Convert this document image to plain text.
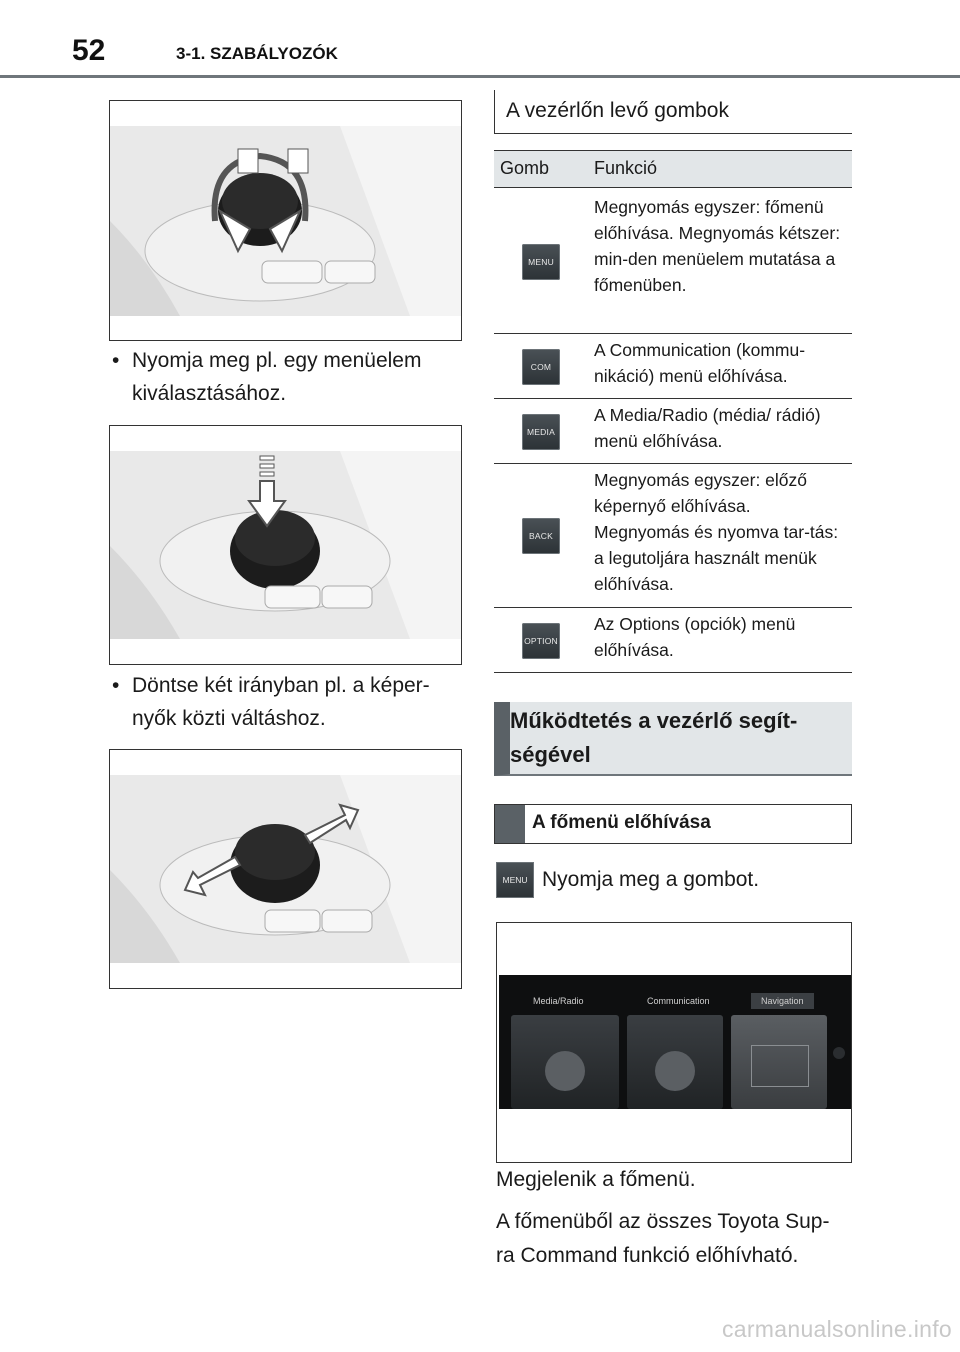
52	3-1. SZABÁLYOZÓK
• Nyomja meg pl. egy menüelem kiválasztásához.
• Döntse két irányban pl. a képer-nyők közti váltáshoz.
A vezérlőn levő gombok
Gomb Funkció
MENU
Megnyomás egyszer: főmenü előhívása. Megnyomás kétszer: min-den menüelem mutatása a főmenüben.
COM
A Communication (kommu-nikáció) menü előhívása.
MEDIA
A Media/Radio (média/ rádió) menü előhívása.
BACK
Megnyomás egyszer: előző képernyő előhívása. Megnyomás és nyomva tar-tás: a legutoljára használt menük előhívása.
OPTION
Az Options (opciók) menü előhívása.
Működtetés a vezérlő segít-ségével
A főmenü előhívása
MENU Nyomja meg a gombot.
Media/Radio	Communication	Navigation
Megjelenik a főmenü.
A főmenüből az összes Toyota Sup-ra Command funkció előhívható.
carmanualsonline.info
